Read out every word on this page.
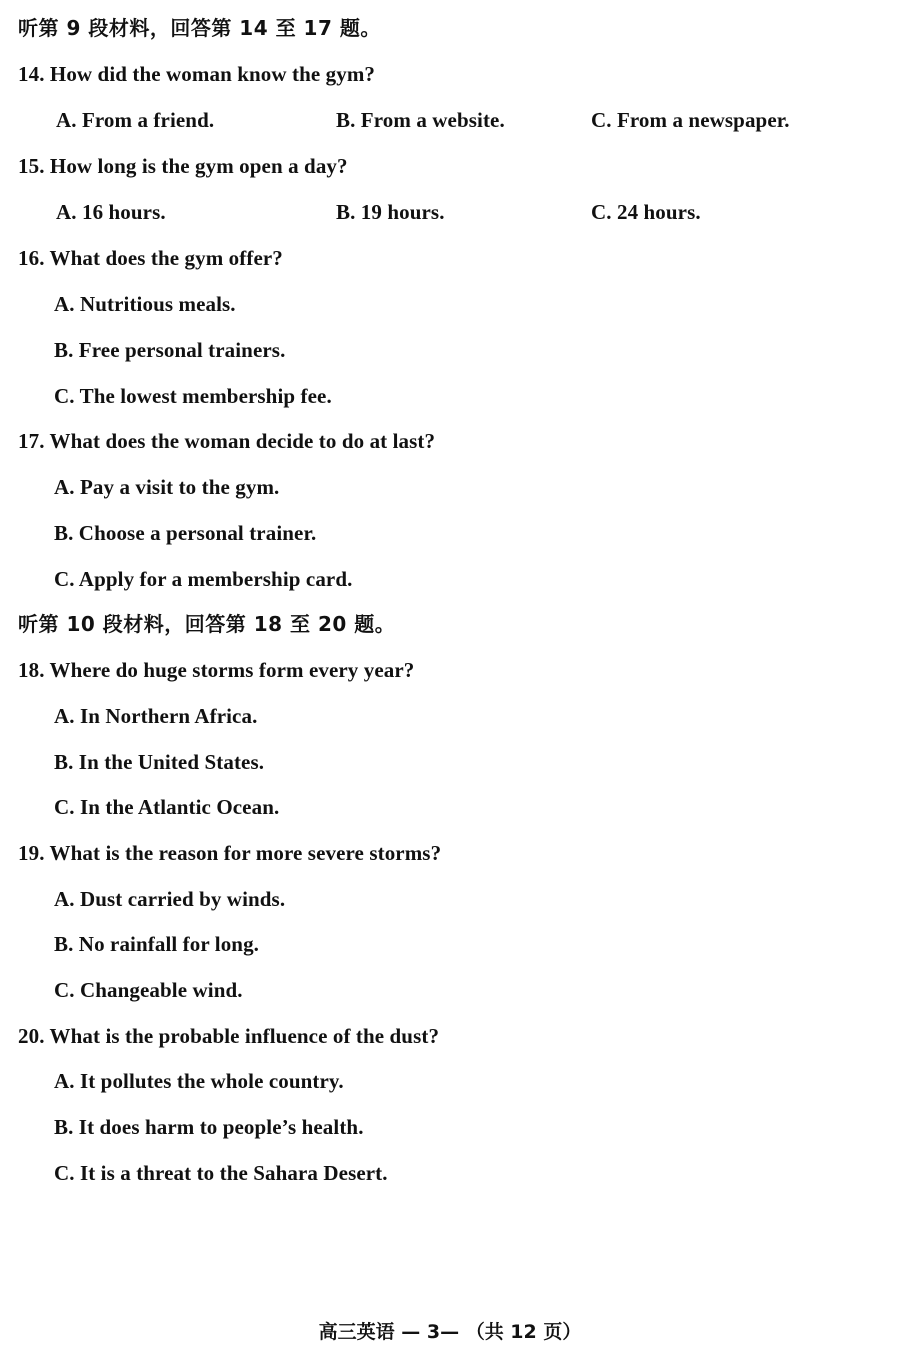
听第 9 段材料，回答第 14 至 17 题。
14. How did the woman know the gym?
A. From a friend.	B. From a website.	C. From a newspaper.
15. How long is the gym open a day?
A. 16 hours.	B. 19 hours.	C. 24 hours.
16. What does the gym offer?
A. Nutritious meals.
B. Free personal trainers.
C. The lowest membership fee.
17. What does the woman decide to do at last?
A. Pay a visit to the gym.
B. Choose a personal trainer.
C. Apply for a membership card.
听第 10 段材料，回答第 18 至 20 题。
18. Where do huge storms form every year?
A. In Northern Africa.
B. In the United States.
C. In the Atlantic Ocean.
19. What is the reason for more severe storms?
A. Dust carried by winds.
B. No rainfall for long.
C. Changeable wind.
20. What is the probable influence of the dust?
A. It pollutes the whole country.
B. It does harm to people’s health.
C. It is a threat to the Sahara Desert.
高三英语 — 3— （共 12 页）
